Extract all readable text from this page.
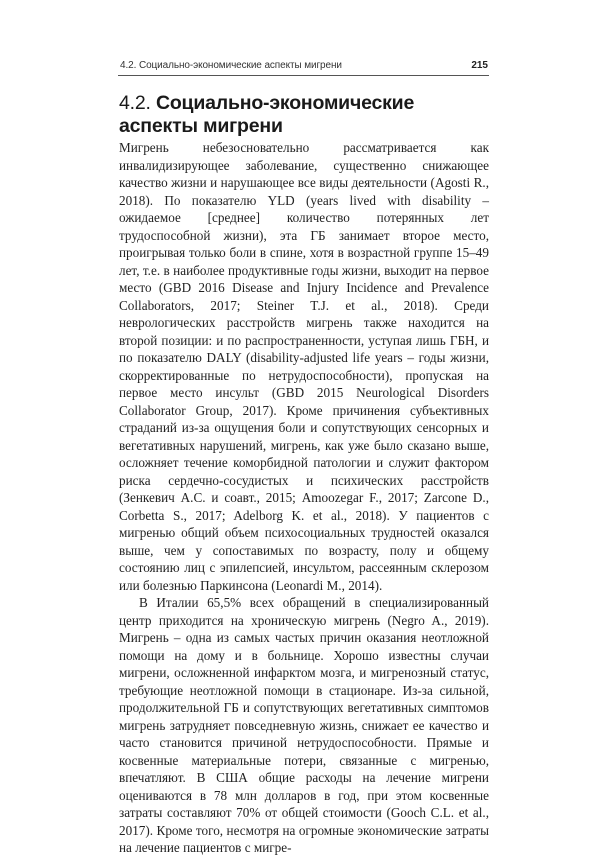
4.2. Социально-экономические аспекты мигрени	215
4.2. Социально-экономические аспекты мигрени

Мигрень небезосновательно рассматривается как инвалидизирующее заболевание, существенно снижающее качество жизни и нарушающее все виды деятельности (Agosti R., 2018). По показателю YLD (years lived with disability – ожидаемое [среднее] количество потерянных лет трудоспособной жизни), эта ГБ занимает второе место, проигрывая только боли в спине, хотя в возрастной группе 15–49 лет, т.е. в наиболее продуктивные годы жизни, выходит на первое место (GBD 2016 Disease and Injury Incidence and Prevalence Collaborators, 2017; Steiner T.J. et al., 2018). Среди неврологических расстройств мигрень также находится на второй позиции: и по распространенности, уступая лишь ГБН, и по показателю DALY (disability-adjusted life years – годы жизни, скорректированные по нетрудоспособности), пропуская на первое место инсульт (GBD 2015 Neurological Disorders Collaborator Group, 2017). Кроме причинения субъективных страданий из-за ощущения боли и сопутствующих сенсорных и вегетативных нарушений, мигрень, как уже было сказано выше, осложняет течение коморбидной патологии и служит фактором риска сердечно-сосудистых и психических расстройств (Зенкевич А.С. и соавт., 2015; Amoozegar F., 2017; Zarcone D., Corbetta S., 2017; Adelborg K. et al., 2018). У пациентов с мигренью общий объем психосоциальных трудностей оказался выше, чем у сопоставимых по возрасту, полу и общему состоянию лиц с эпилепсией, инсультом, рассеянным склерозом или болезнью Паркинсона (Leonardi M., 2014).

В Италии 65,5% всех обращений в специализированный центр приходится на хроническую мигрень (Negro A., 2019). Мигрень – одна из самых частых причин оказания неотложной помощи на дому и в больнице. Хорошо известны случаи мигрени, осложненной инфарктом мозга, и мигренозный статус, требующие неотложной помощи в стационаре. Из-за сильной, продолжительной ГБ и сопутствующих вегетативных симптомов мигрень затрудняет повседневную жизнь, снижает ее качество и часто становится причиной нетрудоспособности. Прямые и косвенные материальные потери, связанные с мигренью, впечатляют. В США общие расходы на лечение мигрени оцениваются в 78 млн долларов в год, при этом косвенные затраты составляют 70% от общей стоимости (Gooch C.L. et al., 2017). Кроме того, несмотря на огромные экономические затраты на лечение пациентов с мигре-
